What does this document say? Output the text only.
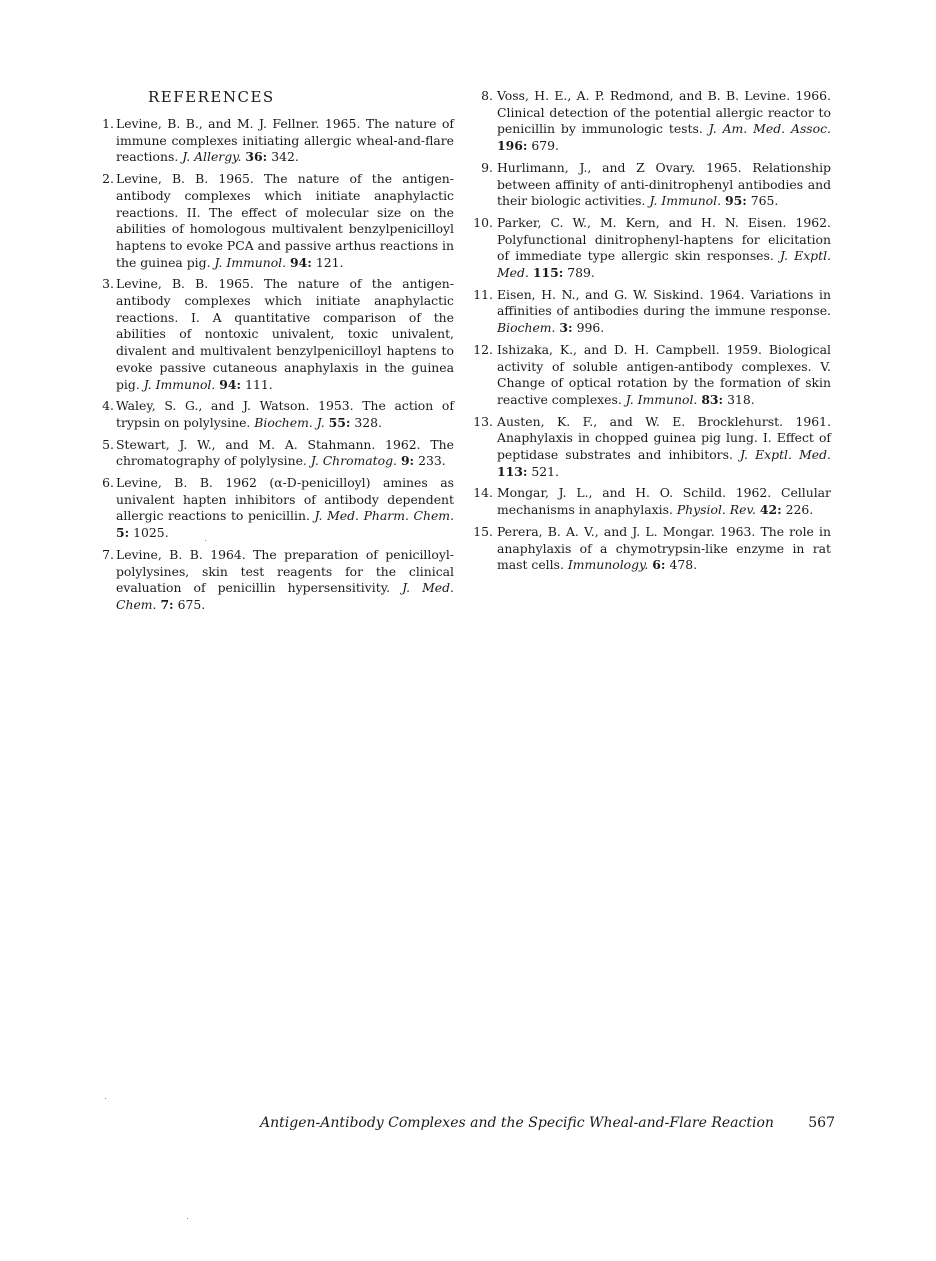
REFERENCES
1. Levine, B. B., and M. J. Fellner. 1965. The nature of immune complexes initiating allergic wheal-and-flare reactions. J. Allergy. 36: 342.
2. Levine, B. B. 1965. The nature of the antigen-antibody complexes which initiate anaphylactic reactions. II. The effect of molecular size on the abilities of homologous multivalent benzylpenicilloyl haptens to evoke PCA and passive arthus reactions in the guinea pig. J. Immunol. 94: 121.
3. Levine, B. B. 1965. The nature of the antigen-antibody complexes which initiate anaphylactic reactions. I. A quantitative comparison of the abilities of nontoxic univalent, toxic univalent, divalent and multivalent benzylpenicilloyl haptens to evoke passive cutaneous anaphylaxis in the guinea pig. J. Immunol. 94: 111.
4. Waley, S. G., and J. Watson. 1953. The action of trypsin on polylysine. Biochem. J. 55: 328.
5. Stewart, J. W., and M. A. Stahmann. 1962. The chromatography of polylysine. J. Chromatog. 9: 233.
6. Levine, B. B. 1962 (α-D-penicilloyl) amines as univalent hapten inhibitors of antibody dependent allergic reactions to penicillin. J. Med. Pharm. Chem. 5: 1025.
7. Levine, B. B. 1964. The preparation of penicilloyl-polylysines, skin test reagents for the clinical evaluation of penicillin hypersensitivity. J. Med. Chem. 7: 675.
8. Voss, H. E., A. P. Redmond, and B. B. Levine. 1966. Clinical detection of the potential allergic reactor to penicillin by immunologic tests. J. Am. Med. Assoc. 196: 679.
9. Hurlimann, J., and Z Ovary. 1965. Relationship between affinity of anti-dinitrophenyl antibodies and their biologic activities. J. Immunol. 95: 765.
10. Parker, C. W., M. Kern, and H. N. Eisen. 1962. Polyfunctional dinitrophenyl-haptens for elicitation of immediate type allergic skin responses. J. Exptl. Med. 115: 789.
11. Eisen, H. N., and G. W. Siskind. 1964. Variations in affinities of antibodies during the immune response. Biochem. 3: 996.
12. Ishizaka, K., and D. H. Campbell. 1959. Biological activity of soluble antigen-antibody complexes. V. Change of optical rotation by the formation of skin reactive complexes. J. Immunol. 83: 318.
13. Austen, K. F., and W. E. Brocklehurst. 1961. Anaphylaxis in chopped guinea pig lung. I. Effect of peptidase substrates and inhibitors. J. Exptl. Med. 113: 521.
14. Mongar, J. L., and H. O. Schild. 1962. Cellular mechanisms in anaphylaxis. Physiol. Rev. 42: 226.
15. Perera, B. A. V., and J. L. Mongar. 1963. The role in anaphylaxis of a chymotrypsin-like enzyme in rat mast cells. Immunology. 6: 478.
Antigen-Antibody Complexes and the Specific Wheal-and-Flare Reaction 567
